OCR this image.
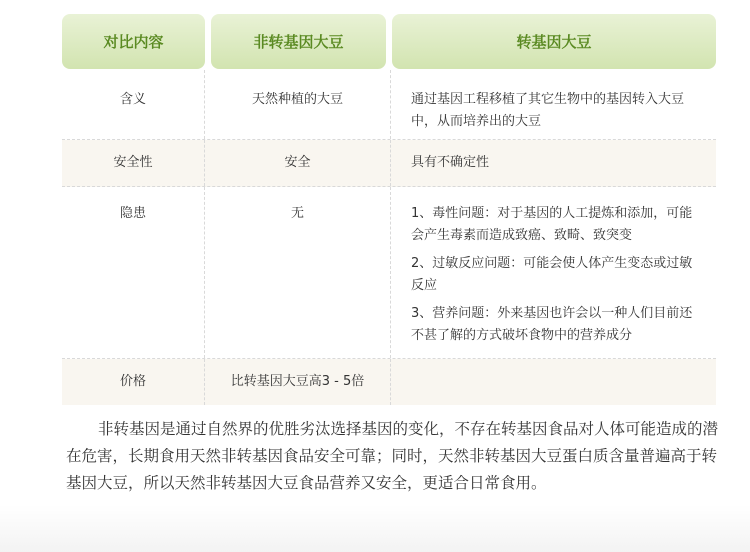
对比内容	非转基因大豆	转基因大豆
含义	天然种植的大豆	通过基因工程移植了其它生物中的基因转入大豆中，从而培养出的大豆
安全性	安全	具有不确定性
隐患	无	1、毒性问题：对于基因的人工提炼和添加，可能会产生毒素而造成致癌、致畸、致突变
2、过敏反应问题：可能会使人体产生变态或过敏反应
3、营养问题：外来基因也许会以一种人们目前还不甚了解的方式破坏食物中的营养成分
价格	比转基因大豆高3 - 5倍

非转基因是通过自然界的优胜劣汰选择基因的变化，不存在转基因食品对人体可能造成的潜在危害，长期食用天然非转基因食品安全可靠；同时，天然非转基因大豆蛋白质含量普遍高于转基因大豆，所以天然非转基因大豆食品营养又安全，更适合日常食用。
